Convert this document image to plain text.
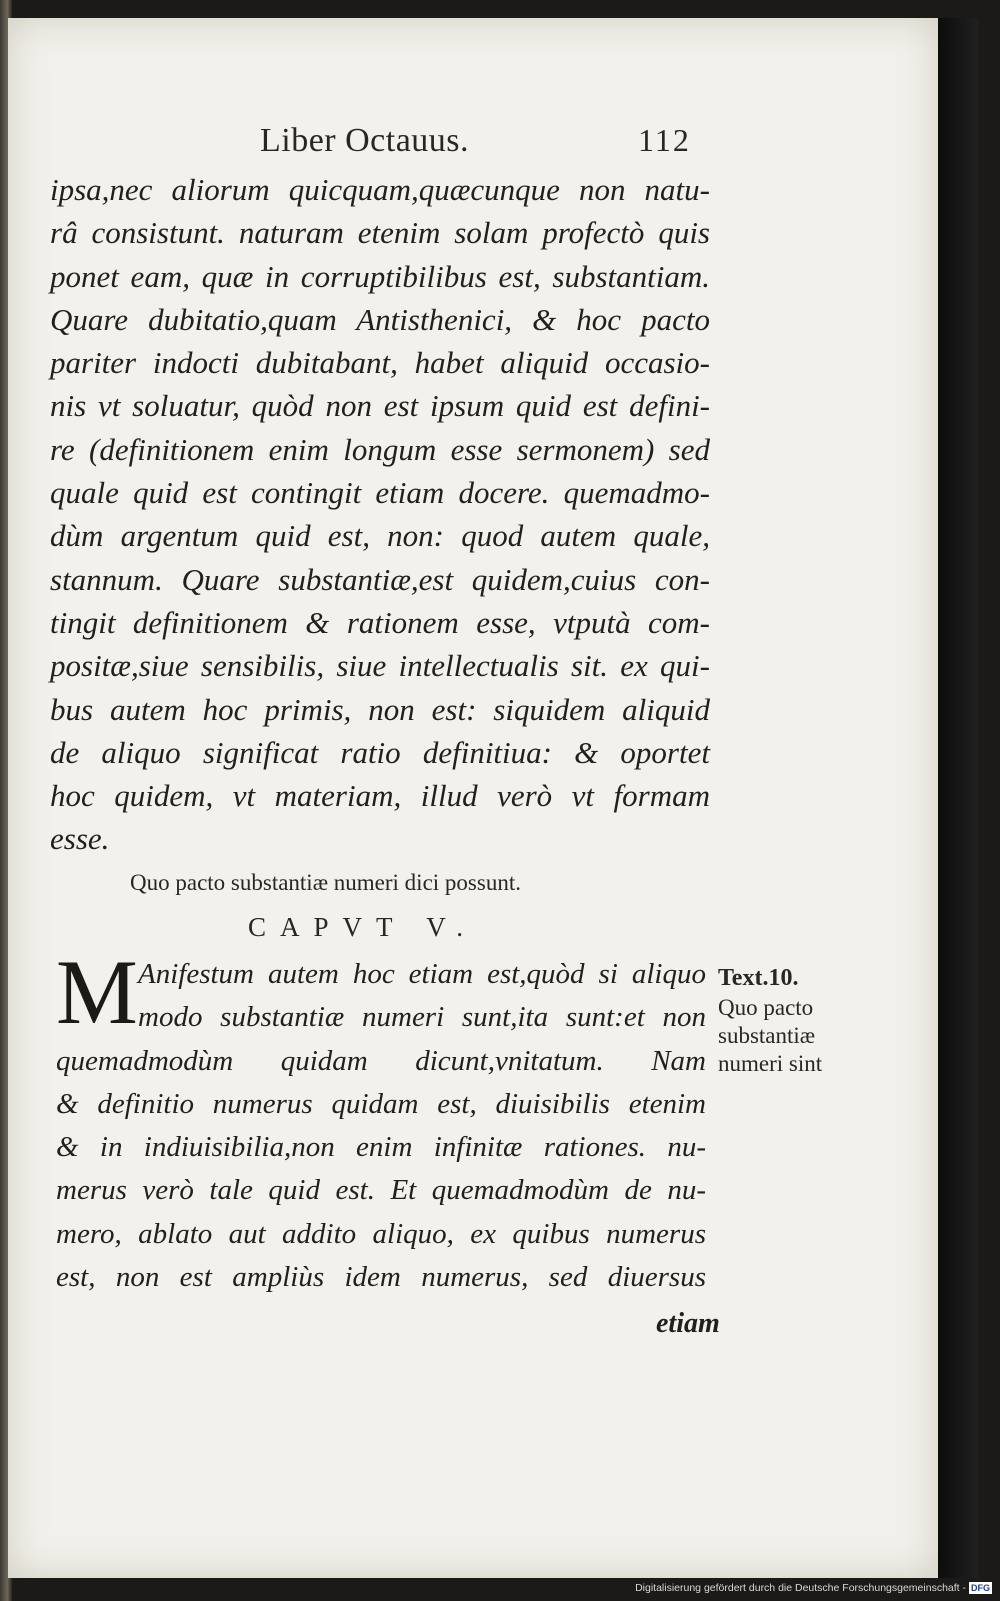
Liber Octauus.	112
ipsa,nec aliorum quicquam,quæcunque non natu-
râ consistunt. naturam etenim solam profectò quis
ponet eam, quæ in corruptibilibus est, substantiam.
Quare dubitatio,quam Antisthenici, & hoc pacto
pariter indocti dubitabant, habet aliquid occasio-
nis vt soluatur, quòd non est ipsum quid est defini-
re (definitionem enim longum esse sermonem) sed
quale quid est contingit etiam docere. quemadmo-
dùm argentum quid est, non: quod autem quale,
stannum. Quare substantiæ,est quidem,cuius con-
tingit definitionem & rationem esse, vtputà com-
positæ,siue sensibilis, siue intellectualis sit. ex qui-
bus autem hoc primis, non est: siquidem aliquid
de aliquo significat ratio definitiua: & oportet
hoc quidem, vt materiam, illud verò vt formam
esse.
Quo pacto substantiæ numeri dici possunt.
CAPVT V.
M Anifestum autem hoc etiam est,quòd si aliquo
modo substantiæ numeri sunt,ita sunt:et non
quemadmodùm quidam dicunt,vnitatum. Nam
& definitio numerus quidam est, diuisibilis etenim
& in indiuisibilia,non enim infinitæ rationes. nu-
merus verò tale quid est. Et quemadmodùm de nu-
mero, ablato aut addito aliquo, ex quibus numerus
est, non est ampliùs idem numerus, sed diuersus
etiam
Text.10.
Quo pacto
substantiæ
numeri sint
Digitalisierung gefördert durch die Deutsche Forschungsgemeinschaft - DFG
